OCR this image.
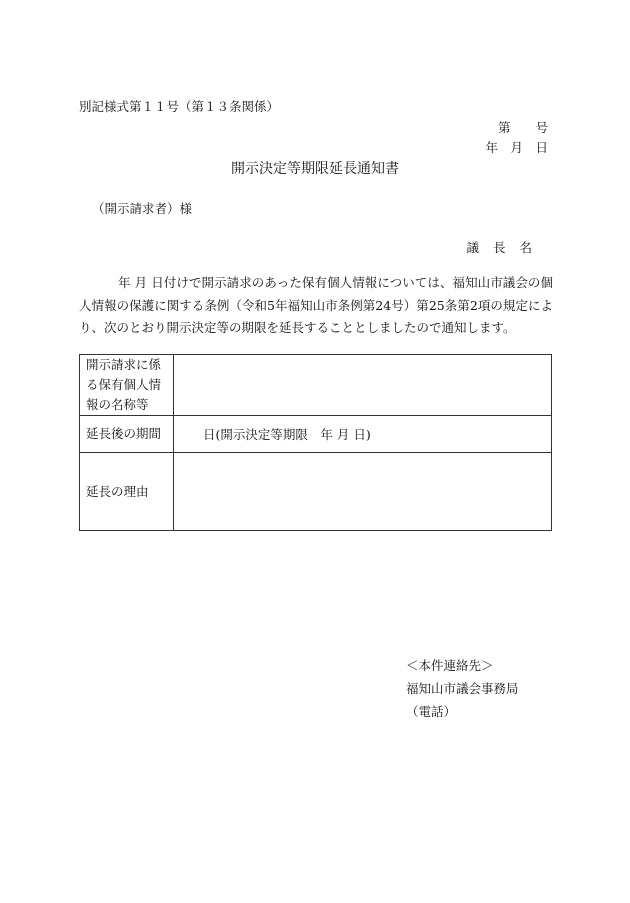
別記様式第１１号（第１３条関係）
第　　号
年　月　日
開示決定等期限延長通知書
（開示請求者）様
議長名
年 月 日付けで開示請求のあった保有個人情報については、福知山市議会の個人情報の保護に関する条例（令和5年福知山市条例第24号）第25条第2項の規定により、次のとおり開示決定等の期限を延長することとしましたので通知します。
開示請求に係る保有個人情報の名称等	
延長後の期間	日(開示決定等期限　年 月 日)
延長の理由	
＜本件連絡先＞
福知山市議会事務局
（電話）
